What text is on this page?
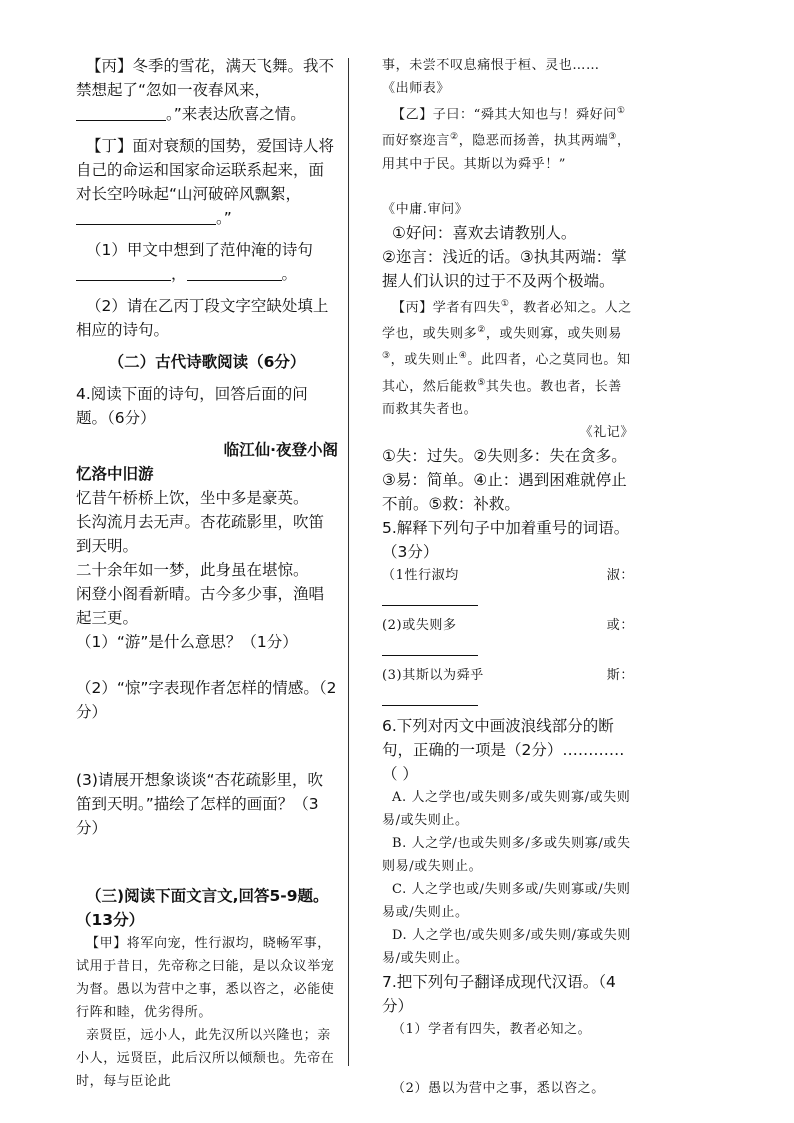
【丙】冬季的雪花，满天飞舞。我不禁想起了“忽如一夜春风来，
。”来表达欣喜之情。

【丁】面对衰颓的国势，爱国诗人将自己的命运和国家命运联系起来，面对长空吟咏起“山河破碎风飘絮，
。”

（1）甲文中想到了范仲淹的诗句
，	。

（2）请在乙丙丁段文字空缺处填上相应的诗句。

（二）古代诗歌阅读（6分）

4.阅读下面的诗句，回答后面的问题。（6分）

临江仙·夜登小阁

忆洛中旧游

忆昔午桥桥上饮，坐中多是豪英。

长沟流月去无声。杏花疏影里，吹笛到天明。

二十余年如一梦，此身虽在堪惊。

闲登小阁看新晴。古今多少事，渔唱起三更。

（1）“游”是什么意思？（1分）

（2）“惊”字表现作者怎样的情感。（2分）

(3)请展开想象谈谈“杏花疏影里，吹笛到天明。”描绘了怎样的画面？（3分）

（三)阅读下面文言文,回答5-9题。（13分）

【甲】将军向宠，性行淑均，晓畅军事，试用于昔日，先帝称之曰能，是以众议举宠为督。愚以为营中之事，悉以咨之，必能使行阵和睦，优劣得所。

亲贤臣，远小人，此先汉所以兴隆也；亲小人，远贤臣，此后汉所以倾颓也。先帝在时，每与臣论此

事，未尝不叹息痛恨于桓、灵也……

《出师表》

【乙】子曰：“舜其大知也与！舜好问①而好察迩言②，隐恶而扬善，执其两端③，用其中于民。其斯以为舜乎！”

《中庸.审问》

①好问：喜欢去请教别人。

②迩言：浅近的话。③执其两端：掌握人们认识的过于不及两个极端。

【丙】学者有四失①，教者必知之。人之学也，或失则多②，或失则寡，或失则易③，或失则止④。此四者，心之莫同也。知其心，然后能救⑤其失也。教也者，长善而救其失者也。

《礼记》

①失：过失。②失则多：失在贪多。③易：简单。④止：遇到困难就停止不前。⑤救：补救。

5.解释下列句子中加着重号的词语。（3分）

（1性行淑均	淑：
(2)或失则多	或：
(3)其斯以为舜乎	斯：

6.下列对丙文中画波浪线部分的断句，正确的一项是（2分）…………（ ）

A. 人之学也/或失则多/或失则寡/或失则易/或失则止。

B. 人之学/也或失则多/多或失则寡/或失则易/或失则止。

C. 人之学也或/失则多或/失则寡或/失则易或/失则止。

D. 人之学也/或失则多/或失则/寡或失则易/或失则止。

7.把下列句子翻译成现代汉语。（4分）

（1）学者有四失，教者必知之。

（2）愚以为营中之事，悉以咨之。
